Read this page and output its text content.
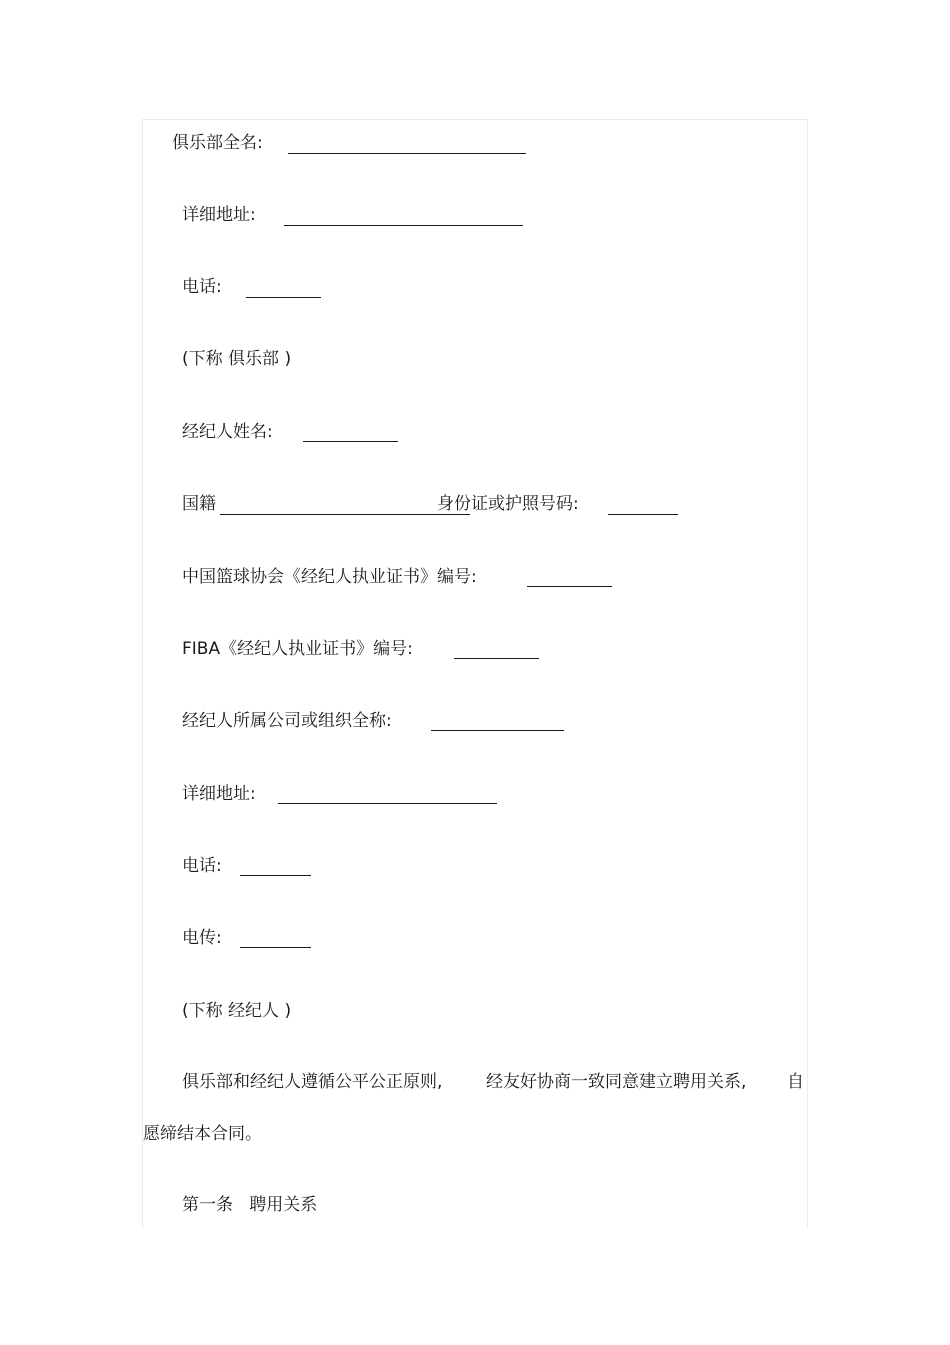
俱乐部全名:
详细地址:
电话:
(下称 俱乐部 )
经纪人姓名:
国籍	身份证或护照号码:
中国篮球协会《经纪人执业证书》编号:
FIBA《经纪人执业证书》编号:
经纪人所属公司或组织全称:
详细地址:
电话:
电传:
(下称 经纪人 )
俱乐部和经纪人遵循公平公正原则,	经友好协商一致同意建立聘用关系, 自
愿缔结本合同。
第一条   聘用关系
